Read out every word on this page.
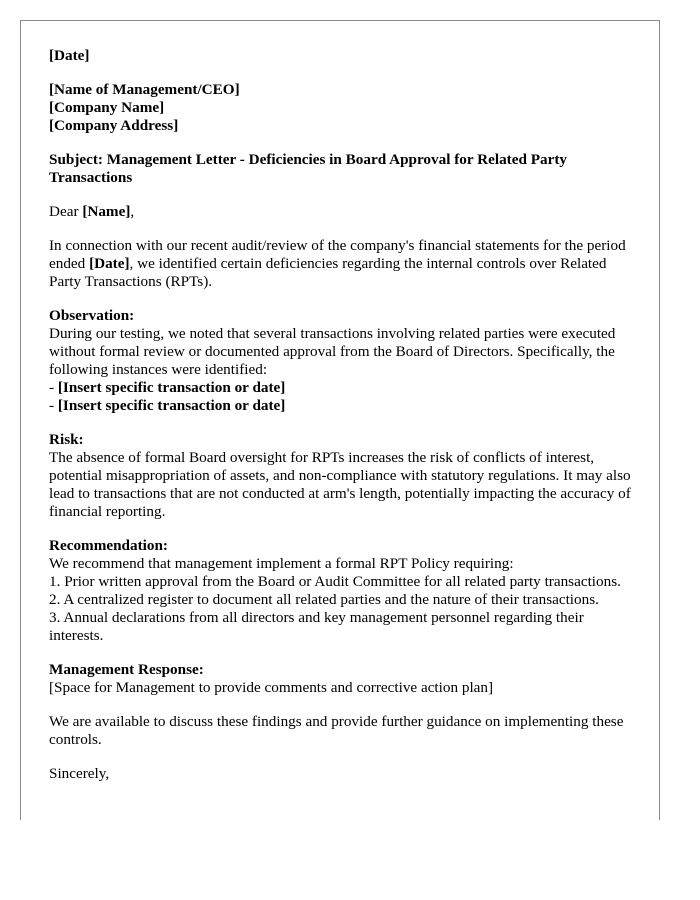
[Date]
[Name of Management/CEO]
[Company Name]
[Company Address]
Subject: Management Letter - Deficiencies in Board Approval for Related Party Transactions
Dear [Name],
In connection with our recent audit/review of the company's financial statements for the period ended [Date], we identified certain deficiencies regarding the internal controls over Related Party Transactions (RPTs).
Observation:
During our testing, we noted that several transactions involving related parties were executed without formal review or documented approval from the Board of Directors. Specifically, the following instances were identified:
- [Insert specific transaction or date]
- [Insert specific transaction or date]
Risk:
The absence of formal Board oversight for RPTs increases the risk of conflicts of interest, potential misappropriation of assets, and non-compliance with statutory regulations. It may also lead to transactions that are not conducted at arm's length, potentially impacting the accuracy of financial reporting.
Recommendation:
We recommend that management implement a formal RPT Policy requiring:
1. Prior written approval from the Board or Audit Committee for all related party transactions.
2. A centralized register to document all related parties and the nature of their transactions.
3. Annual declarations from all directors and key management personnel regarding their interests.
Management Response:
[Space for Management to provide comments and corrective action plan]
We are available to discuss these findings and provide further guidance on implementing these controls.
Sincerely,
